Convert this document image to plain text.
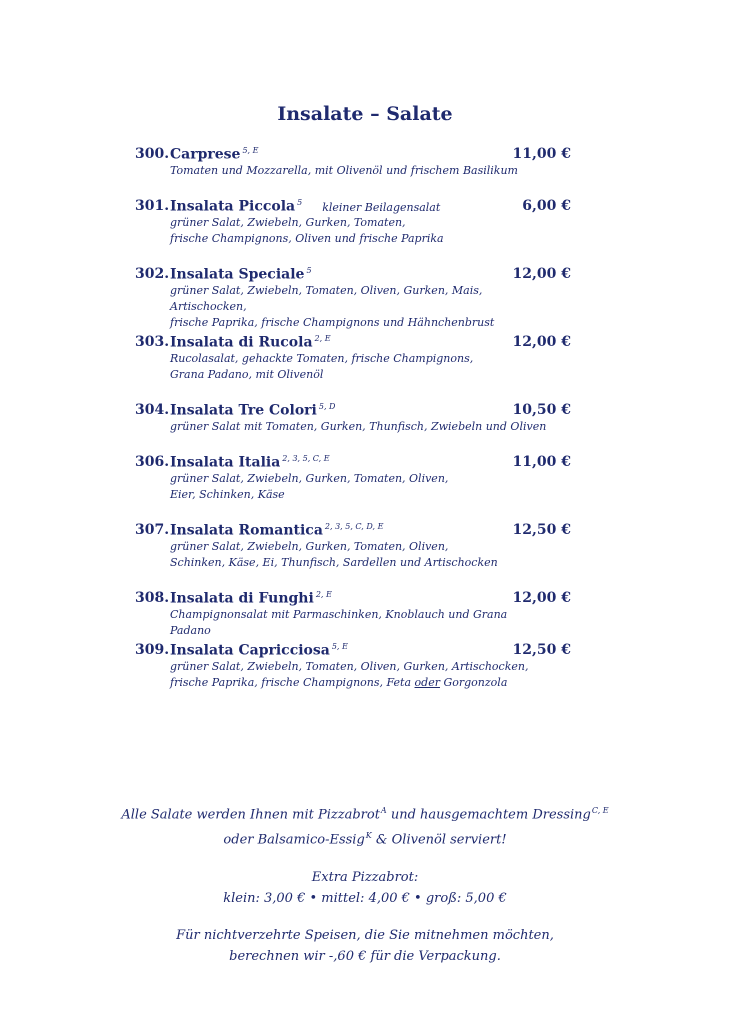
Insalate – Salate
300. Carprese $^{5, E}$	11,00 €
Tomaten und Mozzarella, mit Olivenöl und frischem Basilikum
301. Insalata Piccola $^5$ kleiner Beilagensalat	6,00 €
grüner Salat, Zwiebeln, Gurken, Tomaten,
frische Champignons, Oliven und frische Paprika
302. Insalata Speciale $^5$	12,00 €
grüner Salat, Zwiebeln, Tomaten, Oliven, Gurken, Mais, Artischocken,
frische Paprika, frische Champignons und Hähnchenbrust
303. Insalata di Rucola $^{2, E}$	12,00 €
Rucolasalat, gehackte Tomaten, frische Champignons,
Grana Padano, mit Olivenöl
304. Insalata Tre Colori $^{5, D}$	10,50 €
grüner Salat mit Tomaten, Gurken, Thunfisch, Zwiebeln und Oliven
306. Insalata Italia $^{2, 3, 5, C, E}$	11,00 €
grüner Salat, Zwiebeln, Gurken, Tomaten, Oliven,
Eier, Schinken, Käse
307. Insalata Romantica $^{2, 3, 5, C, D, E}$	12,50 €
grüner Salat, Zwiebeln, Gurken, Tomaten, Oliven,
Schinken, Käse, Ei, Thunfisch, Sardellen und Artischocken
308. Insalata di Funghi $^{2, E}$	12,00 €
Champignonsalat mit Parmaschinken, Knoblauch und Grana Padano
309. Insalata Capricciosa $^{5, E}$	12,50 €
grüner Salat, Zwiebeln, Tomaten, Oliven, Gurken, Artischocken,
frische Paprika, frische Champignons, Feta oder Gorgonzola
Alle Salate werden Ihnen mit Pizzabrot$^A$ und hausgemachtem Dressing$^{C, E}$
oder Balsamico-Essig$^K$ & Olivenöl serviert!
Extra Pizzabrot:
klein: 3,00 € • mittel: 4,00 € • groß: 5,00 €
Für nichtverzehrte Speisen, die Sie mitnehmen möchten,
berechnen wir -,60 € für die Verpackung.
